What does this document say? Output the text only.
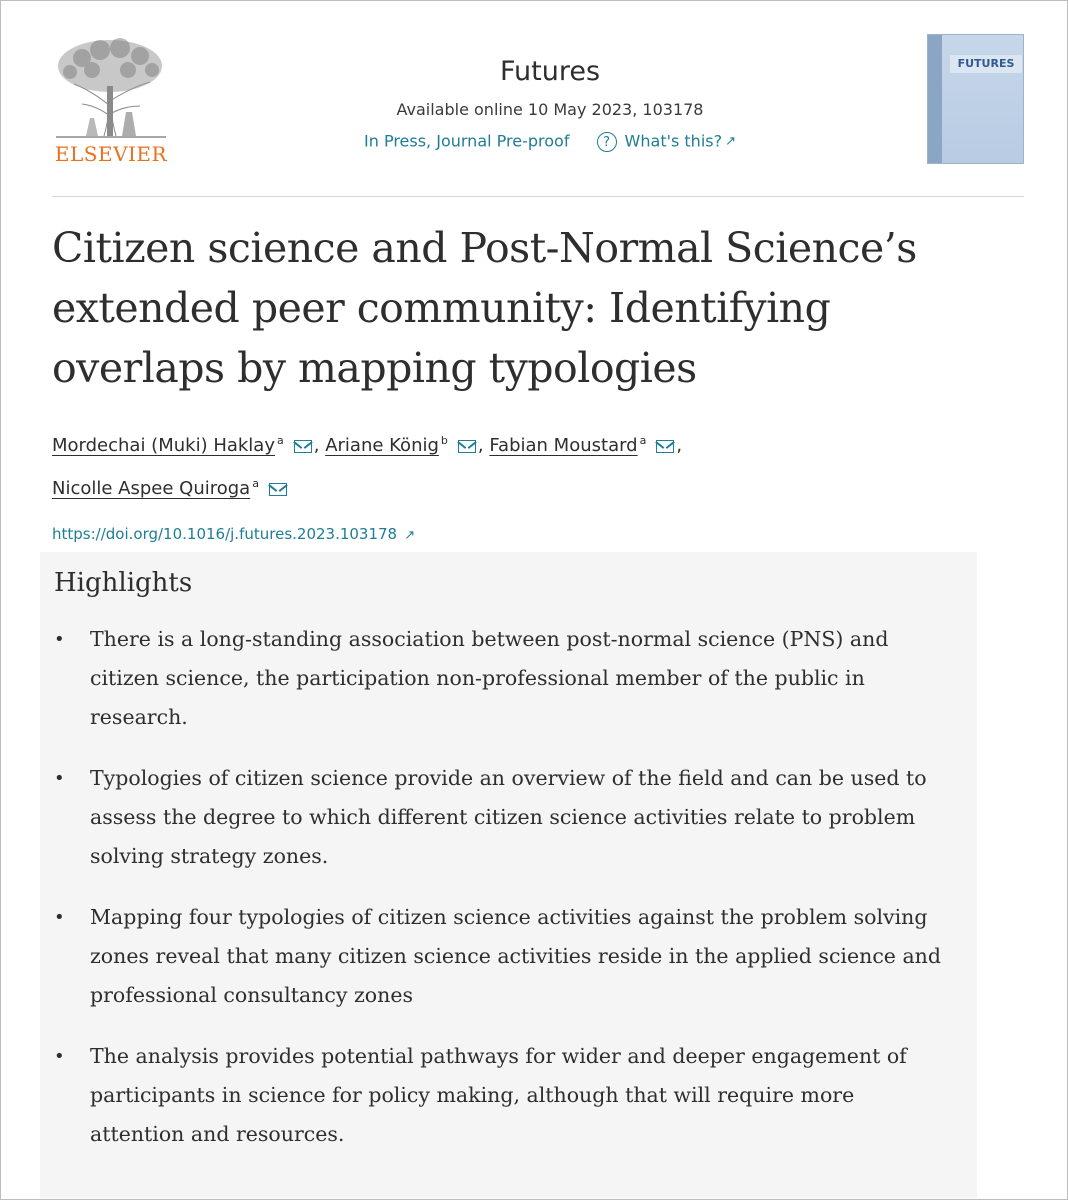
ELSEVIER
Futures
Available online 10 May 2023, 103178
In Press, Journal Pre-proof	? What's this? ↗
FUTURES
Citizen science and Post-Normal Science’s extended peer community: Identifying overlaps by mapping typologies
Mordechai (Muki) Haklay $^a$ , Ariane König $^b$ , Fabian Moustard $^a$ ,
Nicolle Aspee Quiroga $^a$
https://doi.org/10.1016/j.futures.2023.103178 ↗
Highlights
• There is a long-standing association between post-normal science (PNS) and citizen science, the participation non-professional member of the public in research.
• Typologies of citizen science provide an overview of the field and can be used to assess the degree to which different citizen science activities relate to problem solving strategy zones.
• Mapping four typologies of citizen science activities against the problem solving zones reveal that many citizen science activities reside in the applied science and professional consultancy zones
• The analysis provides potential pathways for wider and deeper engagement of participants in science for policy making, although that will require more attention and resources.
